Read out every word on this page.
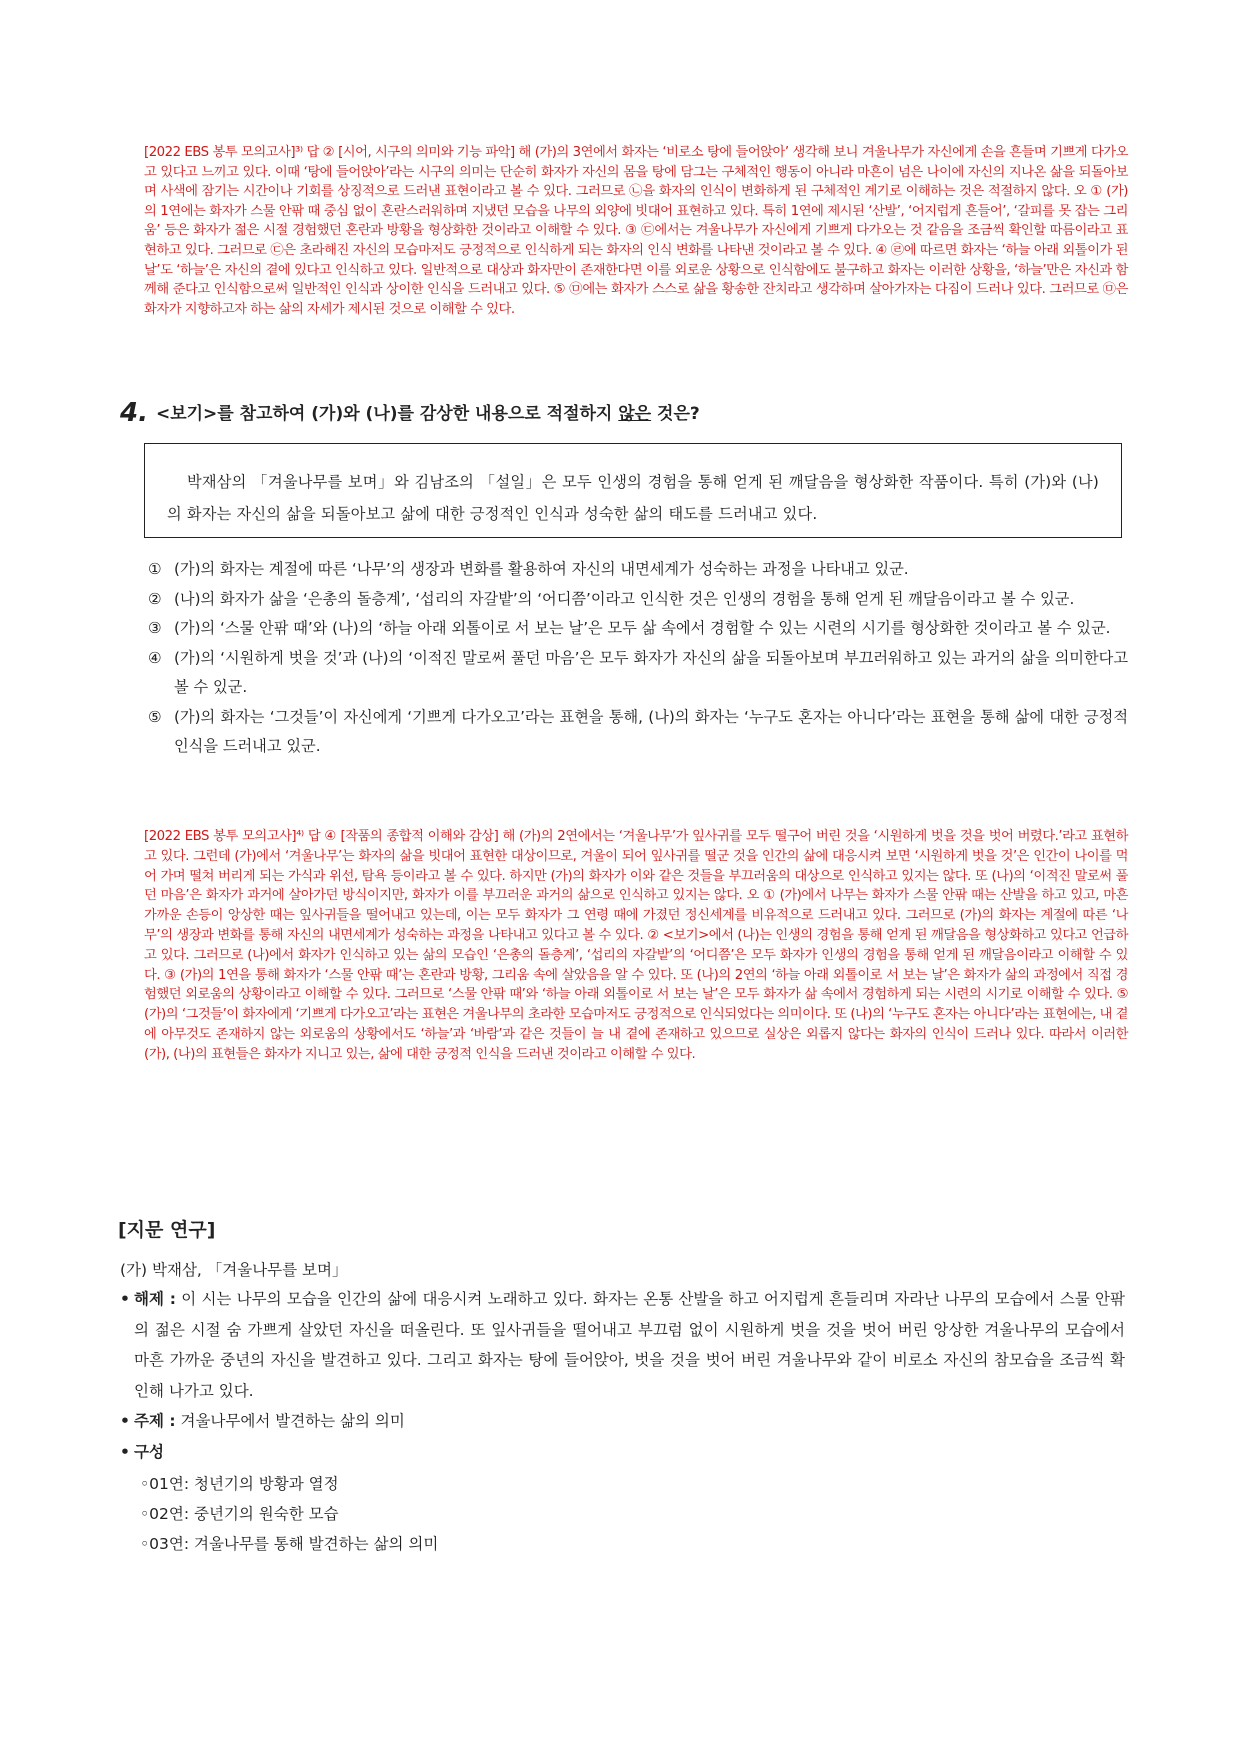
[2022 EBS 봉투 모의고사]³⁾ 답 ② [시어, 시구의 의미와 기능 파악] 해 (가)의 3연에서 화자는 ‘비로소 탕에 들어앉아’ 생각해 보니 겨울나무가 자신에게 손을 흔들며 기쁘게 다가오고 있다고 느끼고 있다. 이때 ‘탕에 들어앉아’라는 시구의 의미는 단순히 화자가 자신의 몸을 탕에 담그는 구체적인 행동이 아니라 마흔이 넘은 나이에 자신의 지나온 삶을 되돌아보며 사색에 잠기는 시간이나 기회를 상징적으로 드러낸 표현이라고 볼 수 있다. 그러므로 ㉡을 화자의 인식이 변화하게 된 구체적인 계기로 이해하는 것은 적절하지 않다. 오 ① (가)의 1연에는 화자가 스물 안팎 때 중심 없이 혼란스러워하며 지냈던 모습을 나무의 외양에 빗대어 표현하고 있다. 특히 1연에 제시된 ‘산발’, ‘어지럽게 흔들어’, ‘갈피를 못 잡는 그리움’ 등은 화자가 젊은 시절 경험했던 혼란과 방황을 형상화한 것이라고 이해할 수 있다. ③ ㉢에서는 겨울나무가 자신에게 기쁘게 다가오는 것 같음을 조금씩 확인할 따름이라고 표현하고 있다. 그러므로 ㉢은 초라해진 자신의 모습마저도 긍정적으로 인식하게 되는 화자의 인식 변화를 나타낸 것이라고 볼 수 있다. ④ ㉣에 따르면 화자는 ‘하늘 아래 외톨이가 된 날’도 ‘하늘’은 자신의 곁에 있다고 인식하고 있다. 일반적으로 대상과 화자만이 존재한다면 이를 외로운 상황으로 인식함에도 불구하고 화자는 이러한 상황을, ‘하늘’만은 자신과 함께해 준다고 인식함으로써 일반적인 인식과 상이한 인식을 드러내고 있다. ⑤ ㉤에는 화자가 스스로 삶을 황송한 잔치라고 생각하며 살아가자는 다짐이 드러나 있다. 그러므로 ㉤은 화자가 지향하고자 하는 삶의 자세가 제시된 것으로 이해할 수 있다.
4. <보기>를 참고하여 (가)와 (나)를 감상한 내용으로 적절하지 않은 것은?
박재삼의 「겨울나무를 보며」와 김남조의 「설일」은 모두 인생의 경험을 통해 얻게 된 깨달음을 형상화한 작품이다. 특히 (가)와 (나)의 화자는 자신의 삶을 되돌아보고 삶에 대한 긍정적인 인식과 성숙한 삶의 태도를 드러내고 있다.
① (가)의 화자는 계절에 따른 ‘나무’의 생장과 변화를 활용하여 자신의 내면세계가 성숙하는 과정을 나타내고 있군.
② (나)의 화자가 삶을 ‘은총의 돌층계’, ‘섭리의 자갈밭’의 ‘어디쯤’이라고 인식한 것은 인생의 경험을 통해 얻게 된 깨달음이라고 볼 수 있군.
③ (가)의 ‘스물 안팎 때’와 (나)의 ‘하늘 아래 외톨이로 서 보는 날’은 모두 삶 속에서 경험할 수 있는 시련의 시기를 형상화한 것이라고 볼 수 있군.
④ (가)의 ‘시원하게 벗을 것’과 (나)의 ‘이적진 말로써 풀던 마음’은 모두 화자가 자신의 삶을 되돌아보며 부끄러워하고 있는 과거의 삶을 의미한다고 볼 수 있군.
⑤ (가)의 화자는 ‘그것들’이 자신에게 ‘기쁘게 다가오고’라는 표현을 통해, (나)의 화자는 ‘누구도 혼자는 아니다’라는 표현을 통해 삶에 대한 긍정적 인식을 드러내고 있군.
[2022 EBS 봉투 모의고사]⁴⁾ 답 ④ [작품의 종합적 이해와 감상] 해 (가)의 2연에서는 ‘겨울나무’가 잎사귀를 모두 떨구어 버린 것을 ‘시원하게 벗을 것을 벗어 버렸다.’라고 표현하고 있다. 그런데 (가)에서 ‘겨울나무’는 화자의 삶을 빗대어 표현한 대상이므로, 겨울이 되어 잎사귀를 떨군 것을 인간의 삶에 대응시켜 보면 ‘시원하게 벗을 것’은 인간이 나이를 먹어 가며 떨쳐 버리게 되는 가식과 위선, 탐욕 등이라고 볼 수 있다. 하지만 (가)의 화자가 이와 같은 것들을 부끄러움의 대상으로 인식하고 있지는 않다. 또 (나)의 ‘이적진 말로써 풀던 마음’은 화자가 과거에 살아가던 방식이지만, 화자가 이를 부끄러운 과거의 삶으로 인식하고 있지는 않다. 오 ① (가)에서 나무는 화자가 스물 안팎 때는 산발을 하고 있고, 마흔 가까운 손등이 앙상한 때는 잎사귀들을 떨어내고 있는데, 이는 모두 화자가 그 연령 때에 가졌던 정신세계를 비유적으로 드러내고 있다. 그러므로 (가)의 화자는 계절에 따른 ‘나무’의 생장과 변화를 통해 자신의 내면세계가 성숙하는 과정을 나타내고 있다고 볼 수 있다. ② <보기>에서 (나)는 인생의 경험을 통해 얻게 된 깨달음을 형상화하고 있다고 언급하고 있다. 그러므로 (나)에서 화자가 인식하고 있는 삶의 모습인 ‘은총의 돌층계’, ‘섭리의 자갈밭’의 ‘어디쯤’은 모두 화자가 인생의 경험을 통해 얻게 된 깨달음이라고 이해할 수 있다. ③ (가)의 1연을 통해 화자가 ‘스물 안팎 때’는 혼란과 방황, 그리움 속에 살았음을 알 수 있다. 또 (나)의 2연의 ‘하늘 아래 외톨이로 서 보는 날’은 화자가 삶의 과정에서 직접 경험했던 외로움의 상황이라고 이해할 수 있다. 그러므로 ‘스물 안팎 때’와 ‘하늘 아래 외톨이로 서 보는 날’은 모두 화자가 삶 속에서 경험하게 되는 시련의 시기로 이해할 수 있다. ⑤ (가)의 ‘그것들’이 화자에게 ‘기쁘게 다가오고’라는 표현은 겨울나무의 초라한 모습마저도 긍정적으로 인식되었다는 의미이다. 또 (나)의 ‘누구도 혼자는 아니다’라는 표현에는, 내 곁에 아무것도 존재하지 않는 외로움의 상황에서도 ‘하늘’과 ‘바람’과 같은 것들이 늘 내 곁에 존재하고 있으므로 실상은 외롭지 않다는 화자의 인식이 드러나 있다. 따라서 이러한 (가), (나)의 표현들은 화자가 지니고 있는, 삶에 대한 긍정적 인식을 드러낸 것이라고 이해할 수 있다.
[지문 연구]
(가) 박재삼, 「겨울나무를 보며」
• 해제 : 이 시는 나무의 모습을 인간의 삶에 대응시켜 노래하고 있다. 화자는 온통 산발을 하고 어지럽게 흔들리며 자라난 나무의 모습에서 스물 안팎의 젊은 시절 숨 가쁘게 살았던 자신을 떠올린다. 또 잎사귀들을 떨어내고 부끄럼 없이 시원하게 벗을 것을 벗어 버린 앙상한 겨울나무의 모습에서 마흔 가까운 중년의 자신을 발견하고 있다. 그리고 화자는 탕에 들어앉아, 벗을 것을 벗어 버린 겨울나무와 같이 비로소 자신의 참모습을 조금씩 확인해 나가고 있다.
• 주제 : 겨울나무에서 발견하는 삶의 의미
• 구성
◦01연: 청년기의 방황과 열정
◦02연: 중년기의 원숙한 모습
◦03연: 겨울나무를 통해 발견하는 삶의 의미
